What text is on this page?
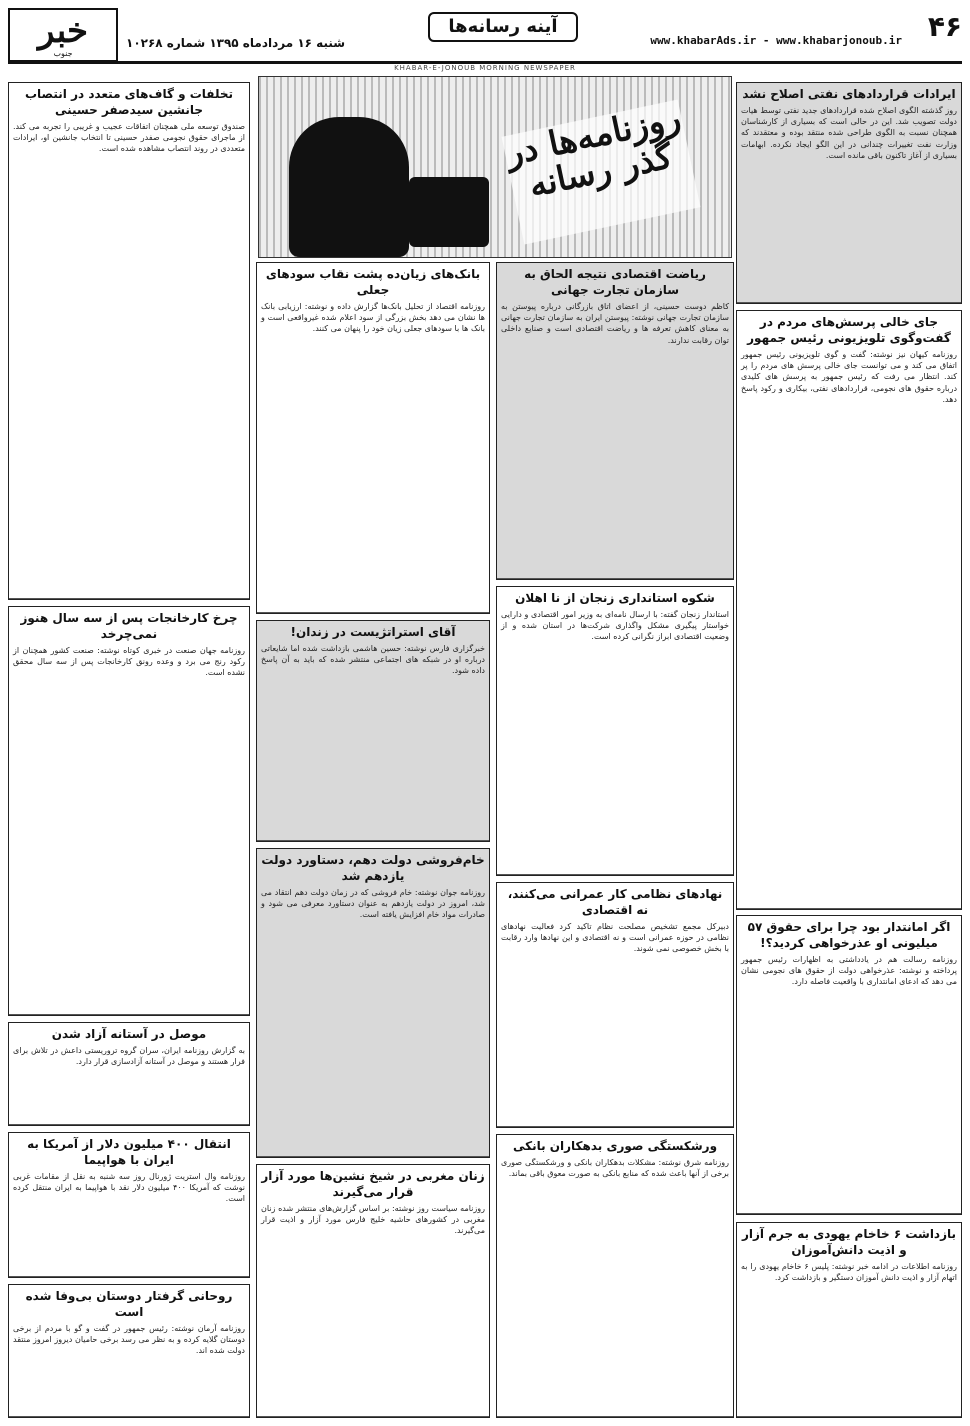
خبر
جنوب
شنبه ۱۶ مردادماه ۱۳۹۵ شماره ۱۰۲۶۸
آینه رسانه‌ها
www.khabarAds.ir - www.khabarjonoub.ir ۴۶
KHABAR-E-JONOUB MORNING NEWSPAPER
روزنامه‌ها در گذر رسانه
ایرادات قراردادهای نفتی اصلاح نشد
روز گذشته الگوی اصلاح شده قراردادهای جدید نفتی توسط هیات دولت تصویب شد. این در حالی است که بسیاری از کارشناسان همچنان نسبت به الگوی طراحی شده منتقد بوده و معتقدند که وزارت نفت تغییرات چندانی در این الگو ایجاد نکرده. ابهامات بسیاری از آغاز تاکنون باقی مانده است.
جای خالی پرسش‌های مردم در گفت‌وگوی تلویزیونی رئیس جمهور
روزنامه کیهان نیز نوشته: گفت و گوی تلویزیونی رئیس جمهور اتفاق می کند و می توانست جای خالی پرسش های مردم را پر کند. انتظار می رفت که رئیس جمهور به پرسش های کلیدی درباره حقوق های نجومی، قراردادهای نفتی، بیکاری و رکود پاسخ دهد.
اگر امانتدار بود چرا برای حقوق ۵۷ میلیونی او عذرخواهی کردید؟!
روزنامه رسالت هم در یادداشتی به اظهارات رئیس جمهور پرداخته و نوشته: عذرخواهی دولت از حقوق های نجومی نشان می دهد که ادعای امانتداری با واقعیت فاصله دارد.
بازداشت ۶ خاخام یهودی به جرم آزار و اذیت دانش‌آموزان
روزنامه اطلاعات در ادامه خبر نوشته: پلیس ۶ خاخام یهودی را به اتهام آزار و اذیت دانش آموزان دستگیر و بازداشت کرد.
ریاضت اقتصادی نتیجه الحاق به سازمان تجارت جهانی
کاظم دوست حسینی، از اعضای اتاق بازرگانی درباره پیوستن به سازمان تجارت جهانی نوشته: پیوستن ایران به سازمان تجارت جهانی به معنای کاهش تعرفه ها و ریاضت اقتصادی است و صنایع داخلی توان رقابت ندارند.
شکوه استانداری زنجان از نا اهلان
استاندار زنجان گفته: با ارسال نامه‌ای به وزیر امور اقتصادی و دارایی خواستار پیگیری مشکل واگذاری شرکت‌ها در استان شده و از وضعیت اقتصادی ابراز نگرانی کرده است.
نهادهای نظامی کار عمرانی می‌کنند، نه اقتصادی
دبیرکل مجمع تشخیص مصلحت نظام تاکید کرد فعالیت نهادهای نظامی در حوزه عمرانی است و نه اقتصادی و این نهادها وارد رقابت با بخش خصوصی نمی شوند.
ورشکستگی صوری بدهکاران بانکی
روزنامه شرق نوشته: مشکلات بدهکاران بانکی و ورشکستگی صوری برخی از آنها باعث شده که منابع بانکی به صورت معوق باقی بماند.
بانک‌های زیان‌ده پشت نقاب سودهای جعلی
روزنامه اقتصاد از تحلیل بانک‌ها گزارش داده و نوشته: ارزیابی بانک ها نشان می دهد بخش بزرگی از سود اعلام شده غیرواقعی است و بانک ها با سودهای جعلی زیان خود را پنهان می کنند.
آقای استراتژیست در زندان!
خبرگزاری فارس نوشته: حسین هاشمی بازداشت شده اما شایعاتی درباره او در شبکه های اجتماعی منتشر شده که باید به آن پاسخ داده شود.
خام‌فروشی دولت دهم، دستاورد دولت یازدهم شد
روزنامه جوان نوشته: خام فروشی که در زمان دولت دهم انتقاد می شد، امروز در دولت یازدهم به عنوان دستاورد معرفی می شود و صادرات مواد خام افزایش یافته است.
زنان مغربی در شیخ نشین‌ها مورد آزار قرار می‌گیرند
روزنامه سیاست روز نوشته: بر اساس گزارش‌های منتشر شده زنان مغربی در کشورهای حاشیه خلیج فارس مورد آزار و اذیت قرار می‌گیرند.
تخلفات و گاف‌های متعدد در انتصاب جانشین سیدصفر حسینی
صندوق توسعه ملی همچنان اتفاقات عجیب و غریبی را تجربه می کند. از ماجرای حقوق نجومی صفدر حسینی تا انتخاب جانشین او، ایرادات متعددی در روند انتصاب مشاهده شده است.
چرخ کارخانجات پس از سه سال هنوز نمی‌چرخد
روزنامه جهان صنعت در خبری کوتاه نوشته: صنعت کشور همچنان از رکود رنج می برد و وعده رونق کارخانجات پس از سه سال محقق نشده است.
موصل در آستانه آزاد شدن
به گزارش روزنامه ایران، سران گروه تروریستی داعش در تلاش برای فرار هستند و موصل در آستانه آزادسازی قرار دارد.
انتقال ۴۰۰ میلیون دلار از آمریکا به ایران با هواپیما
روزنامه وال استریت ژورنال روز سه شنبه به نقل از مقامات غربی نوشت که آمریکا ۴۰۰ میلیون دلار نقد با هواپیما به ایران منتقل کرده است.
روحانی گرفتار دوستان بی‌وفا شده است
روزنامه آرمان نوشته: رئیس جمهور در گفت و گو با مردم از برخی دوستان گلایه کرده و به نظر می رسد برخی حامیان دیروز امروز منتقد دولت شده اند.
